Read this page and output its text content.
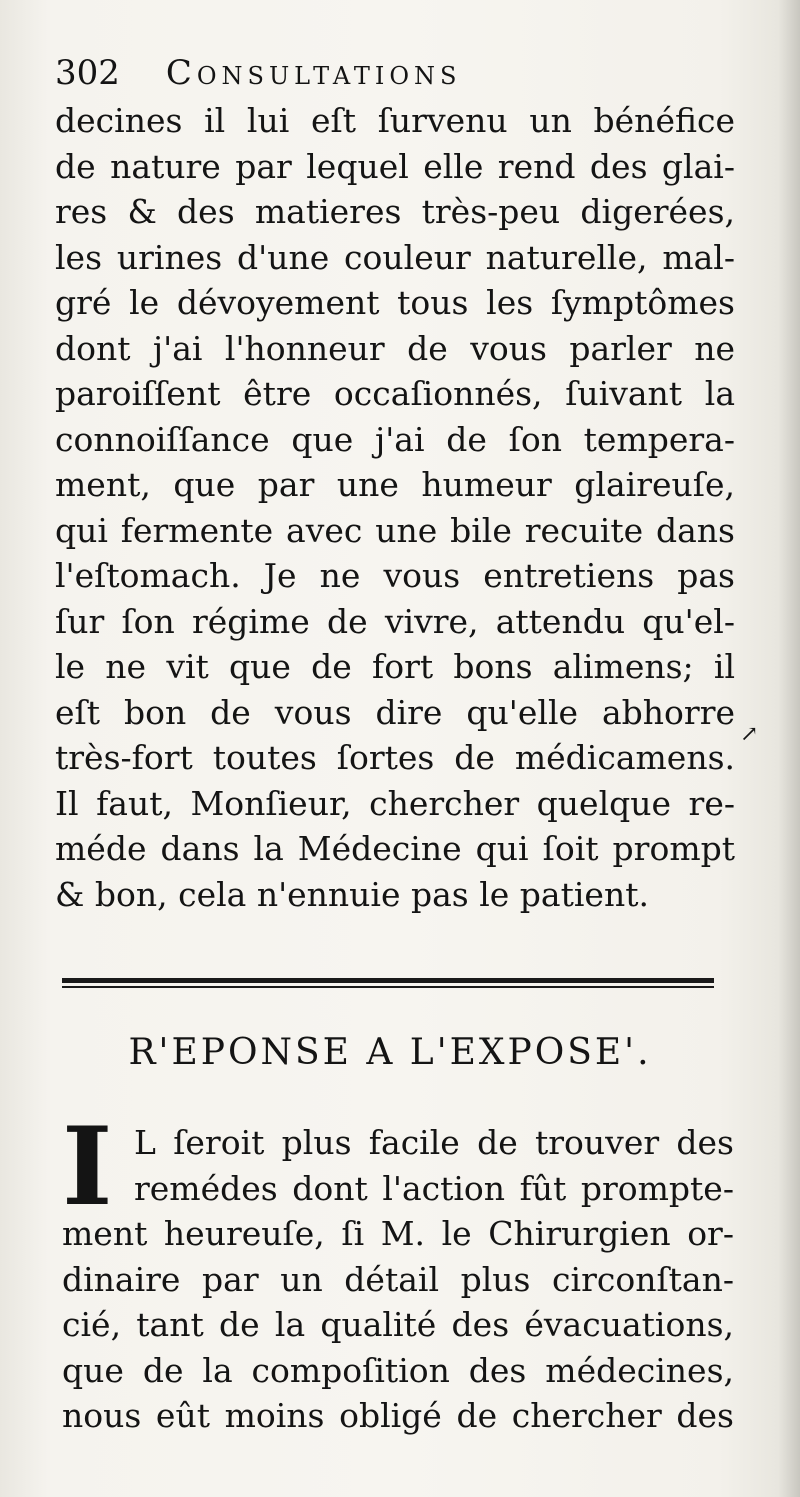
302 Consultations
decines il lui eſt ſurvenu un bénéfice
de nature par lequel elle rend des glai-
res & des matieres très-peu digerées,
les urines d'une couleur naturelle, mal-
gré le dévoyement tous les ſymptômes
dont j'ai l'honneur de vous parler ne
paroiſſent être occaſionnés, ſuivant la
connoiſſance que j'ai de ſon tempera-
ment, que par une humeur glaireuſe,
qui fermente avec une bile recuite dans
l'eſtomach. Je ne vous entretiens pas
ſur ſon régime de vivre, attendu qu'el-
le ne vit que de fort bons alimens; il
eſt bon de vous dire qu'elle abhorre
très-fort toutes ſortes de médicamens.
Il faut, Monſieur, chercher quelque re-
méde dans la Médecine qui ſoit prompt
& bon, cela n'ennuie pas le patient.
↗
R'EPONSE A L'EXPOSE'.
I L ſeroit plus facile de trouver des
remédes dont l'action fût prompte-
ment heureuſe, ſi M. le Chirurgien or-
dinaire par un détail plus circonſtan-
cié, tant de la qualité des évacuations,
que de la compoſition des médecines,
nous eût moins obligé de chercher des
